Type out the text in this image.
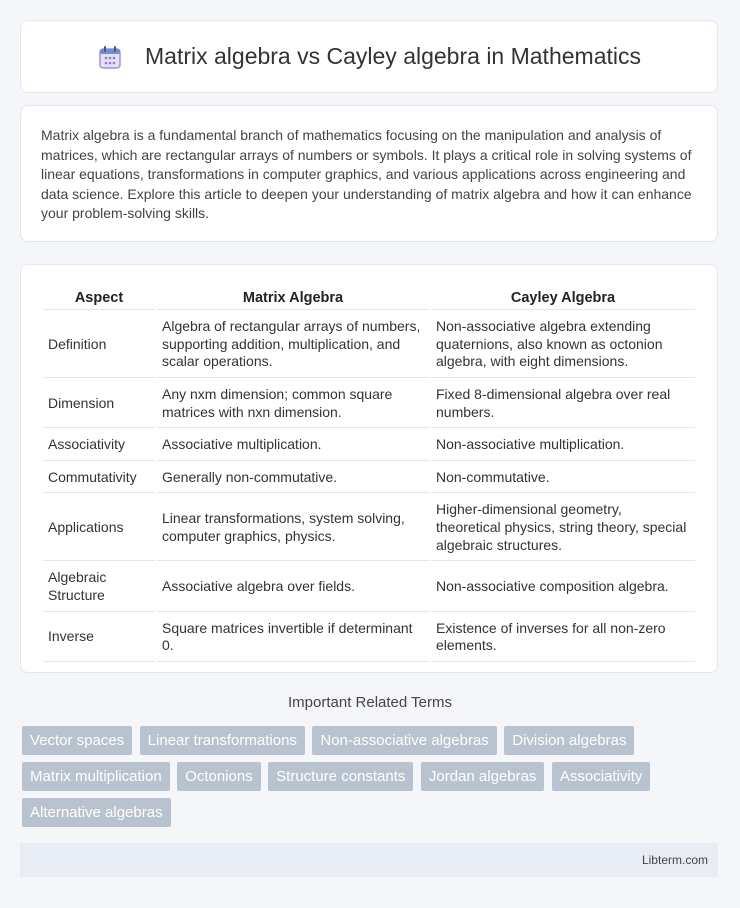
Matrix algebra vs Cayley algebra in Mathematics

Matrix algebra is a fundamental branch of mathematics focusing on the manipulation and analysis of matrices, which are rectangular arrays of numbers or symbols. It plays a critical role in solving systems of linear equations, transformations in computer graphics, and various applications across engineering and data science. Explore this article to deepen your understanding of matrix algebra and how it can enhance your problem-solving skills.

Aspect	Matrix Algebra	Cayley Algebra
Definition	Algebra of rectangular arrays of numbers, supporting addition, multiplication, and scalar operations.	Non-associative algebra extending quaternions, also known as octonion algebra, with eight dimensions.
Dimension	Any nxm dimension; common square matrices with nxn dimension.	Fixed 8-dimensional algebra over real numbers.
Associativity	Associative multiplication.	Non-associative multiplication.
Commutativity	Generally non-commutative.	Non-commutative.
Applications	Linear transformations, system solving, computer graphics, physics.	Higher-dimensional geometry, theoretical physics, string theory, special algebraic structures.
Algebraic Structure	Associative algebra over fields.	Non-associative composition algebra.
Inverse	Square matrices invertible if determinant 0.	Existence of inverses for all non-zero elements.
Important Related Terms
Vector spaces Linear transformations Non-associative algebras Division algebras Matrix multiplication Octonions Structure constants Jordan algebras Associativity Alternative algebras
Libterm.com
